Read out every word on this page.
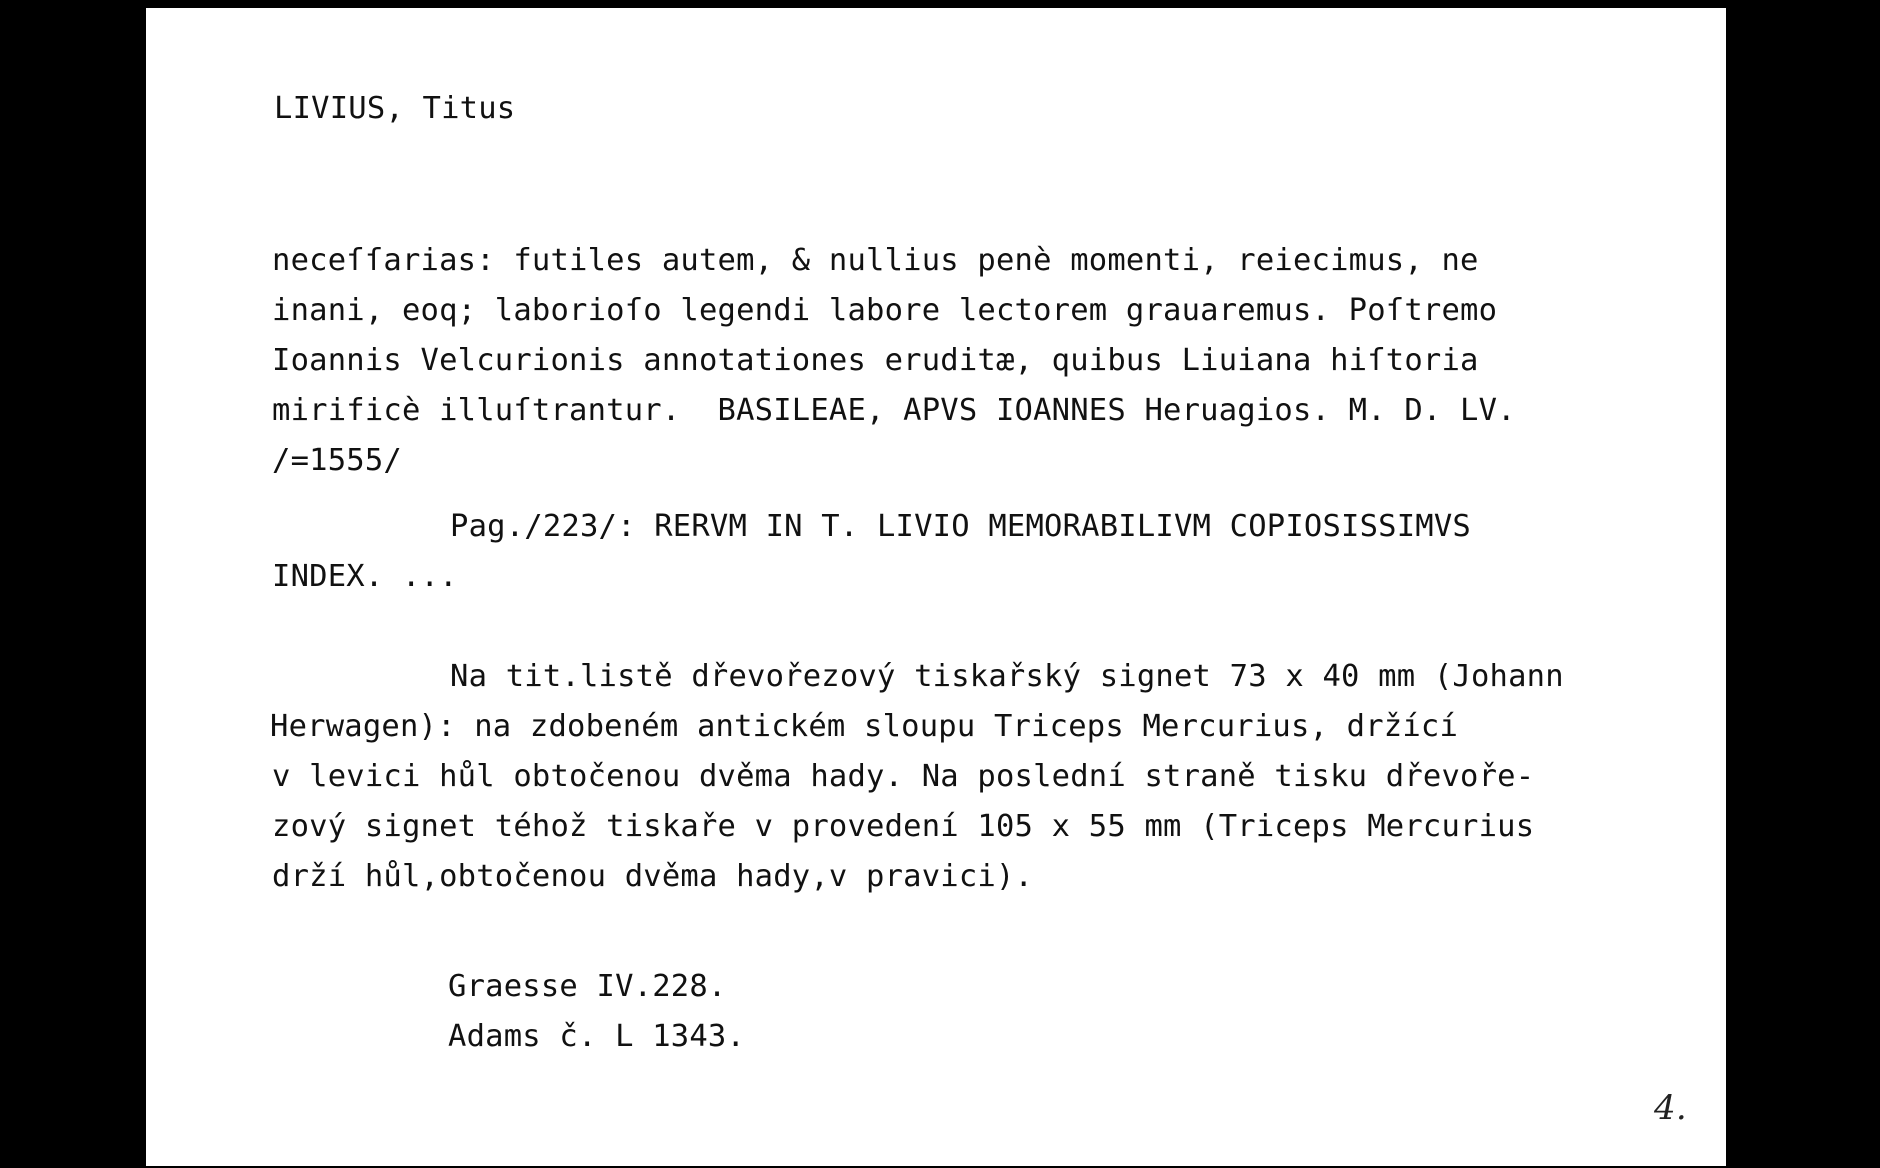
LIVIUS, Titus
neceſſarias: futiles autem, & nullius penè momenti, reiecimus, ne
inani, eoq; laborioſo legendi labore lectorem grauaremus. Poſtremo
Ioannis Velcurionis annotationes eruditæ, quibus Liuiana hiſtoria
mirificè illuſtrantur.  BASILEAE, APVS IOANNES Heruagios. M. D. LV.
/=1555/
Pag./223/: RERVM IN T. LIVIO MEMORABILIVM COPIOSISSIMVS
INDEX. ...
Na tit.listě dřevořezový tiskařský signet 73 x 40 mm (Johann
Herwagen): na zdobeném antickém sloupu Triceps Mercurius, držící
v levici hůl obtočenou dvěma hady. Na poslední straně tisku dřevoře-
zový signet téhož tiskaře v provedení 105 x 55 mm (Triceps Mercurius
drží hůl,obtočenou dvěma hady,v pravici).
Graesse IV.228.
Adams č. L 1343.
4.
